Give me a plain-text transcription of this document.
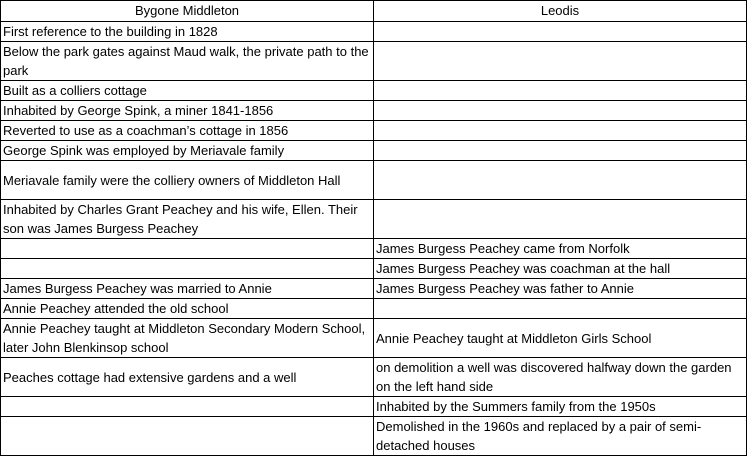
Bygone Middleton	Leodis
First reference to the building in 1828	
Below the park gates against Maud walk, the private path to the park	
Built as a colliers cottage	
Inhabited by George Spink, a miner 1841-1856	
Reverted to use as a coachman’s cottage in 1856	
George Spink was employed by Meriavale family	
Meriavale family were the colliery owners of Middleton Hall	
Inhabited by Charles Grant Peachey and his wife, Ellen. Their son was James Burgess Peachey	
	James Burgess Peachey came from Norfolk
	James Burgess Peachey was coachman at the hall
James Burgess Peachey was married to Annie	James Burgess Peachey was father to Annie
Annie Peachey attended the old school	
Annie Peachey taught at Middleton Secondary Modern School, later John Blenkinsop school	Annie Peachey taught at Middleton Girls School
Peaches cottage had extensive gardens and a well	on demolition a well was discovered halfway down the garden on the left hand side
	Inhabited by the Summers family from the 1950s
	Demolished in the 1960s and replaced by a pair of semi-detached houses
